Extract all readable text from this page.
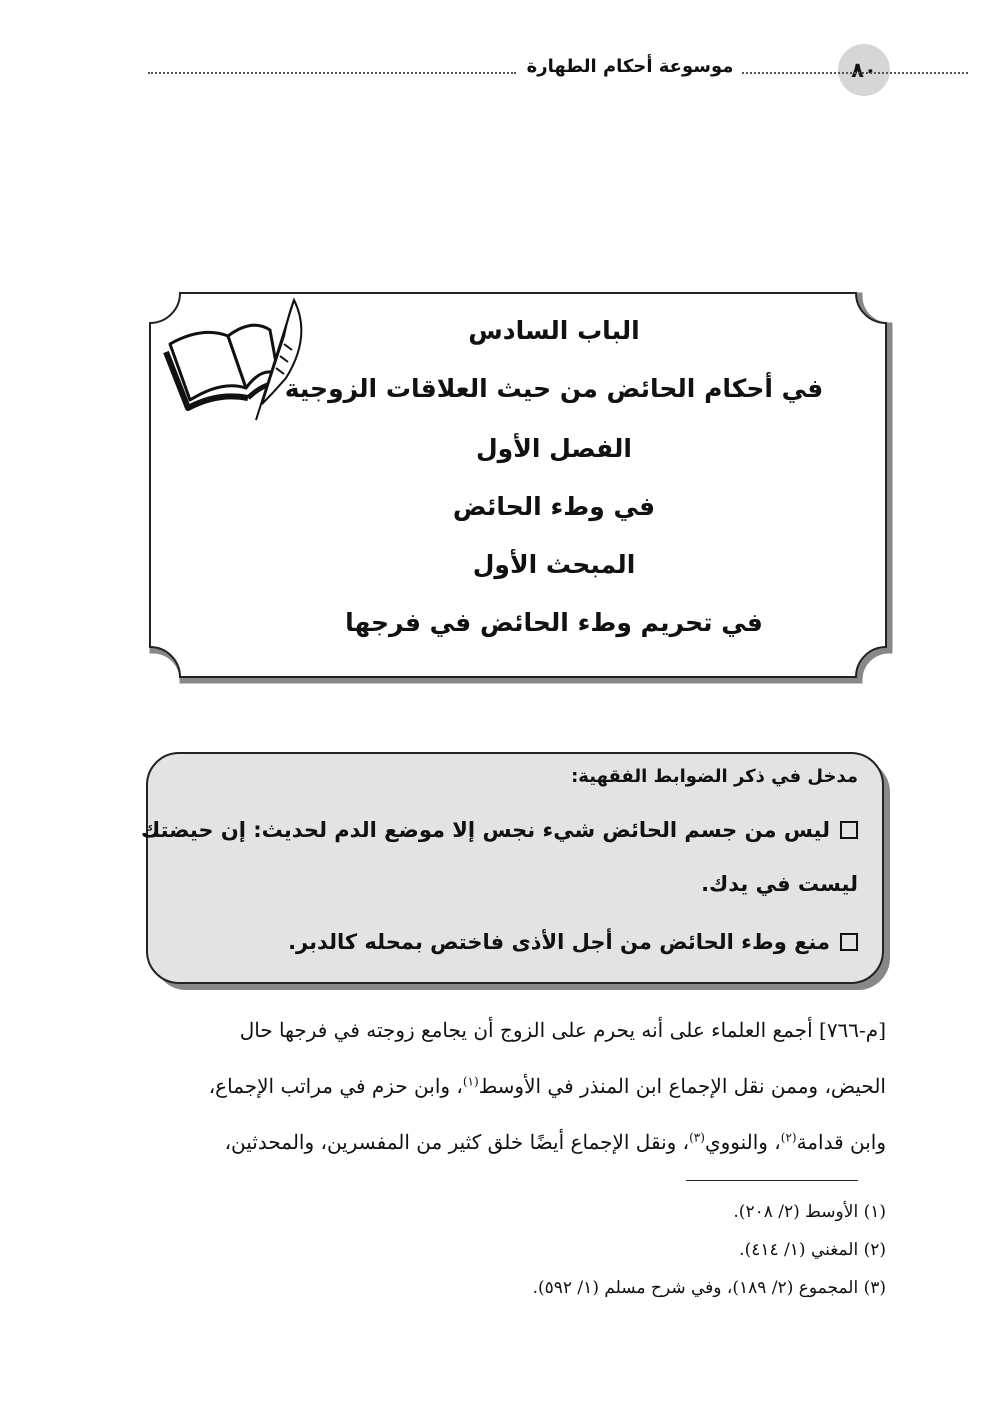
٨٠
موسوعة أحكام الطهارة
الباب السادس
في أحكام الحائض من حيث العلاقات الزوجية
الفصل الأول
في وطء الحائض
المبحث الأول
في تحريم وطء الحائض في فرجها
مدخل في ذكر الضوابط الفقهية:
ليس من جسم الحائض شيء نجس إلا موضع الدم لحديث: إن حيضتك
ليست في يدك.
منع وطء الحائض من أجل الأذى فاختص بمحله كالدبر.
[م-٧٦٦] أجمع العلماء على أنه يحرم على الزوج أن يجامع زوجته في فرجها حال
الحيض، وممن نقل الإجماع ابن المنذر في الأوسط$^{(١)}$، وابن حزم في مراتب الإجماع،
وابن قدامة$^{(٢)}$، والنووي$^{(٣)}$، ونقل الإجماع أيضًا خلق كثير من المفسرين، والمحدثين،
(١) الأوسط (٢/ ٢٠٨).
(٢) المغني (١/ ٤١٤).
(٣) المجموع (٢/ ١٨٩)، وفي شرح مسلم (١/ ٥٩٢).
